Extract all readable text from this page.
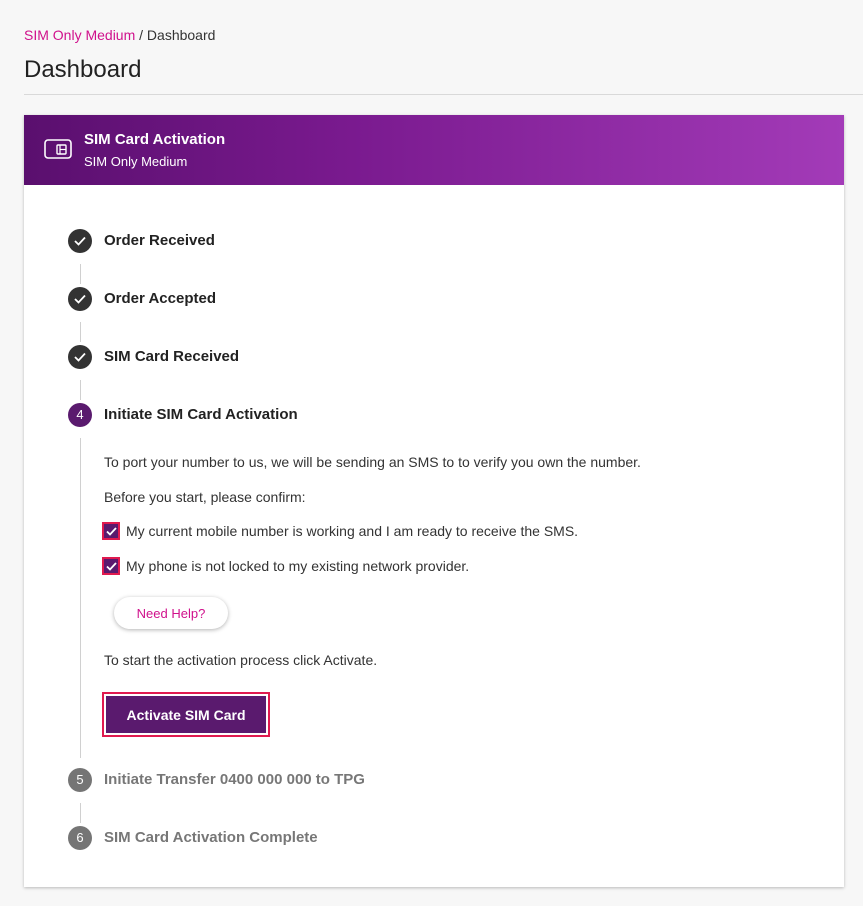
SIM Only Medium / Dashboard
Dashboard
SIM Card Activation
SIM Only Medium
Order Received
Order Accepted
SIM Card Received
4	Initiate SIM Card Activation
To port your number to us, we will be sending an SMS to to verify you own the number.
Before you start, please confirm:
My current mobile number is working and I am ready to receive the SMS.
My phone is not locked to my existing network provider.
Need Help?
To start the activation process click Activate.
Activate SIM Card
5	Initiate Transfer 0400 000 000 to TPG
6	SIM Card Activation Complete
